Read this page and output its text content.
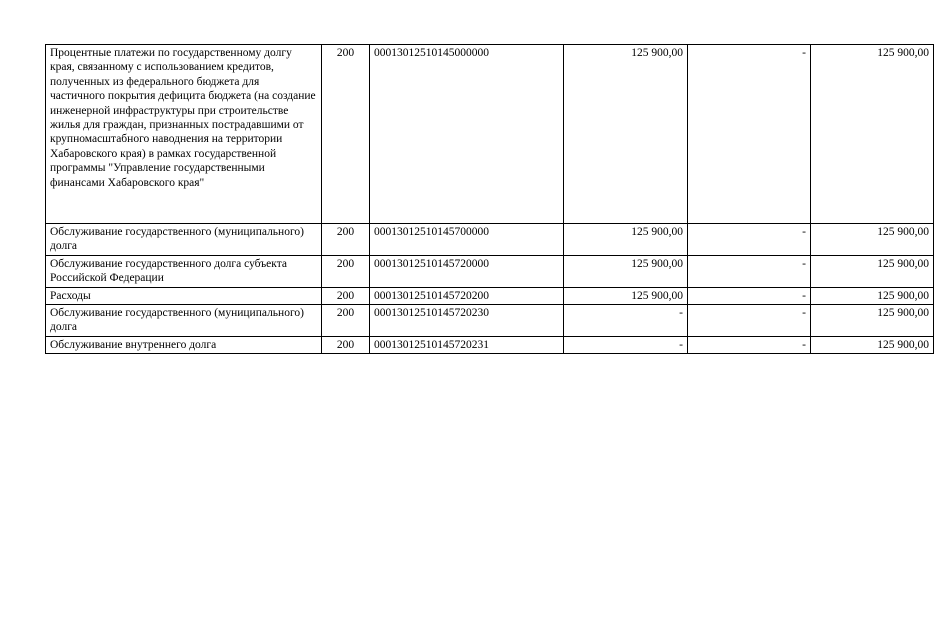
Процентные платежи по государственному долгу края, связанному с использованием кредитов, полученных из федерального бюджета для частичного покрытия дефицита бюджета (на создание инженерной инфраструктуры при строительстве жилья для граждан, признанных пострадавшими от крупномасштабного наводнения на территории Хабаровского края) в рамках государственной программы "Управление государственными финансами Хабаровского края"	200	00013012510145000000	125 900,00	-	125 900,00
Обслуживание государственного (муниципального) долга	200	00013012510145700000	125 900,00	-	125 900,00
Обслуживание государственного долга субъекта Российской Федерации	200	00013012510145720000	125 900,00	-	125 900,00
Расходы	200	00013012510145720200	125 900,00	-	125 900,00
Обслуживание государственного (муниципального) долга	200	00013012510145720230	-	-	125 900,00
Обслуживание внутреннего долга	200	00013012510145720231	-	-	125 900,00
